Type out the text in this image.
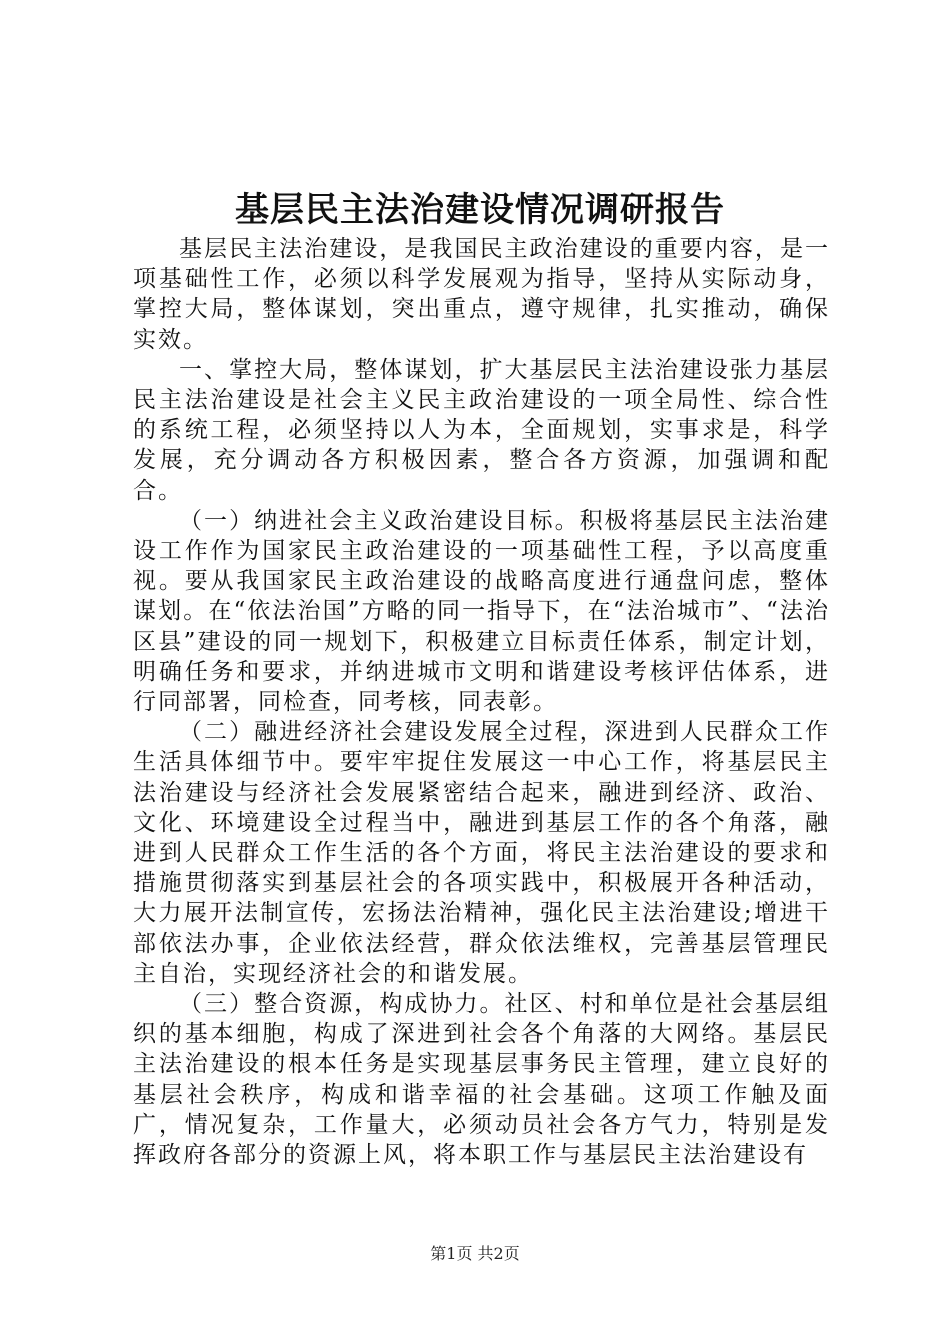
基层民主法治建设情况调研报告

基层民主法治建设，是我国民主政治建设的重要内容，是一项基础性工作，必须以科学发展观为指导，坚持从实际动身，掌控大局，整体谋划，突出重点，遵守规律，扎实推动，确保实效。

一、掌控大局，整体谋划，扩大基层民主法治建设张力基层民主法治建设是社会主义民主政治建设的一项全局性、综合性的系统工程，必须坚持以人为本，全面规划，实事求是，科学发展，充分调动各方积极因素，整合各方资源，加强调和配合。

（一）纳进社会主义政治建设目标。积极将基层民主法治建设工作作为国家民主政治建设的一项基础性工程，予以高度重视。要从我国家民主政治建设的战略高度进行通盘问虑，整体谋划。在“依法治国”方略的同一指导下，在“法治城市”、“法治区县”建设的同一规划下，积极建立目标责任体系，制定计划，明确任务和要求，并纳进城市文明和谐建设考核评估体系，进行同部署，同检查，同考核，同表彰。

（二）融进经济社会建设发展全过程，深进到人民群众工作生活具体细节中。要牢牢捉住发展这一中心工作，将基层民主法治建设与经济社会发展紧密结合起来，融进到经济、政治、文化、环境建设全过程当中，融进到基层工作的各个角落，融进到人民群众工作生活的各个方面，将民主法治建设的要求和措施贯彻落实到基层社会的各项实践中，积极展开各种活动，大力展开法制宣传，宏扬法治精神，强化民主法治建设;增进干部依法办事，企业依法经营，群众依法维权，完善基层管理民主自治，实现经济社会的和谐发展。

（三）整合资源，构成协力。社区、村和单位是社会基层组织的基本细胞，构成了深进到社会各个角落的大网络。基层民主法治建设的根本任务是实现基层事务民主管理，建立良好的基层社会秩序，构成和谐幸福的社会基础。这项工作触及面广，情况复杂，工作量大，必须动员社会各方气力，特别是发挥政府各部分的资源上风，将本职工作与基层民主法治建设有

第1页 共2页
